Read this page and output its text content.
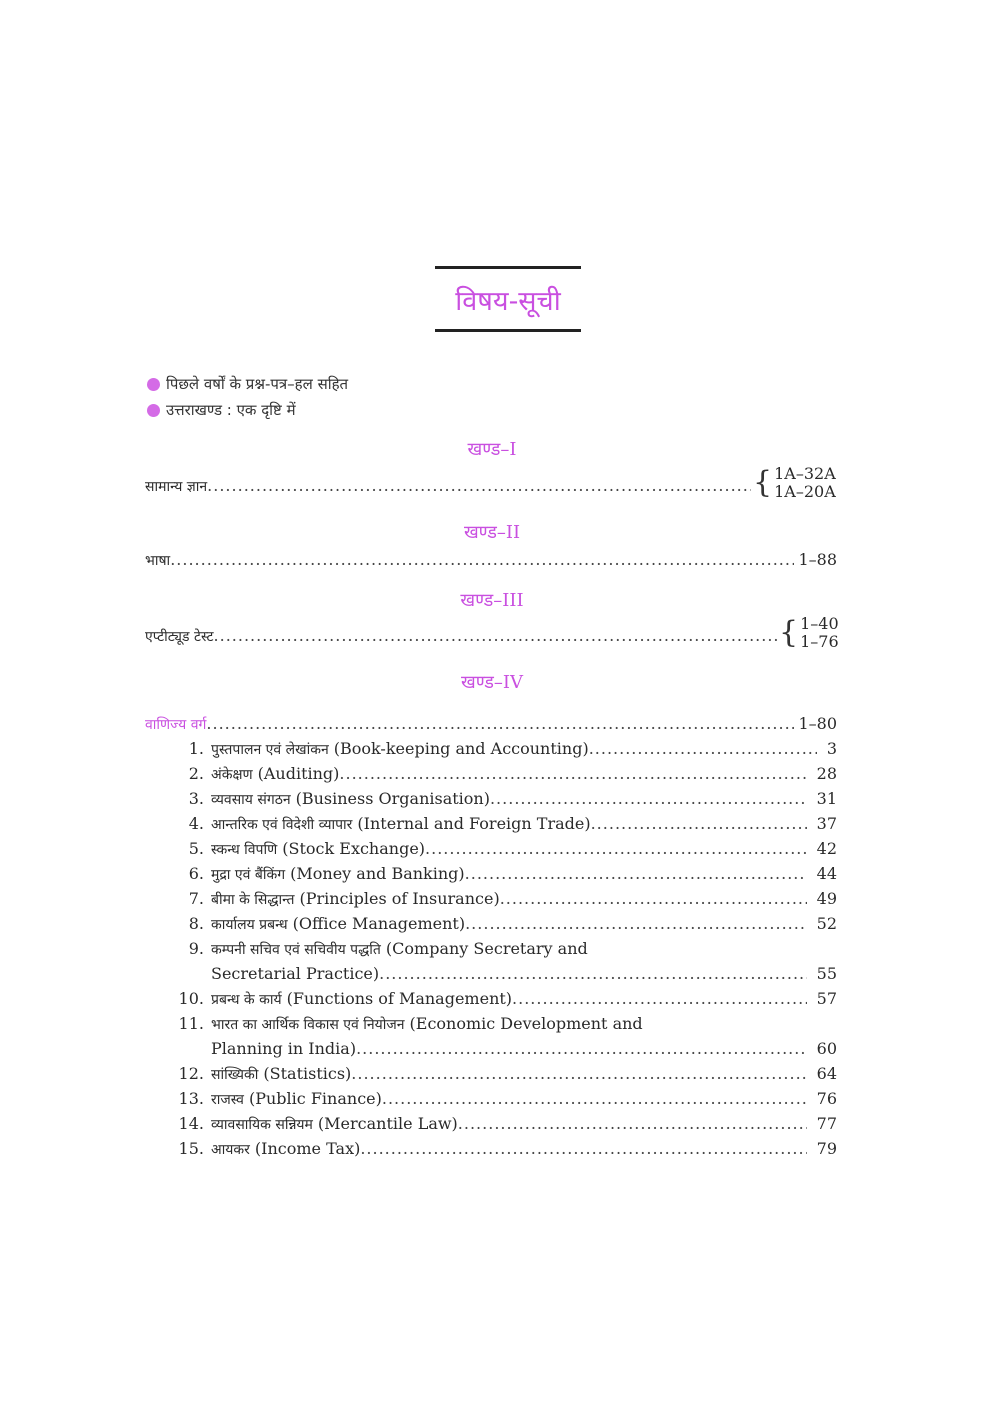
विषय-सूची
पिछले वर्षों के प्रश्न-पत्र–हल सहित
उत्तराखण्ड : एक दृष्टि में
खण्ड–I
सामान्य ज्ञान .....	{ 1A–32A
1A–20A
खण्ड–II
भाषा .....	1–88
खण्ड–III
एप्टीट्यूड टेस्ट .....	{ 1–40
1–76
खण्ड–IV
वाणिज्य वर्ग .....	1–80
1. पुस्तपालन एवं लेखांकन (Book-keeping and Accounting) .....	3
2. अंकेक्षण (Auditing) .....	28
3. व्यवसाय संगठन (Business Organisation) .....	31
4. आन्तरिक एवं विदेशी व्यापार (Internal and Foreign Trade) .....	37
5. स्कन्ध विपणि (Stock Exchange) .....	42
6. मुद्रा एवं बैंकिंग (Money and Banking) .....	44
7. बीमा के सिद्धान्त (Principles of Insurance) .....	49
8. कार्यालय प्रबन्ध (Office Management) .....	52
9. कम्पनी सचिव एवं सचिवीय पद्धति (Company Secretary and
Secretarial Practice) .....	55
10. प्रबन्ध के कार्य (Functions of Management) .....	57
11. भारत का आर्थिक विकास एवं नियोजन (Economic Development and
Planning in India) .....	60
12. सांख्यिकी (Statistics) .....	64
13. राजस्व (Public Finance) .....	76
14. व्यावसायिक सन्नियम (Mercantile Law) .....	77
15. आयकर (Income Tax) .....	79
